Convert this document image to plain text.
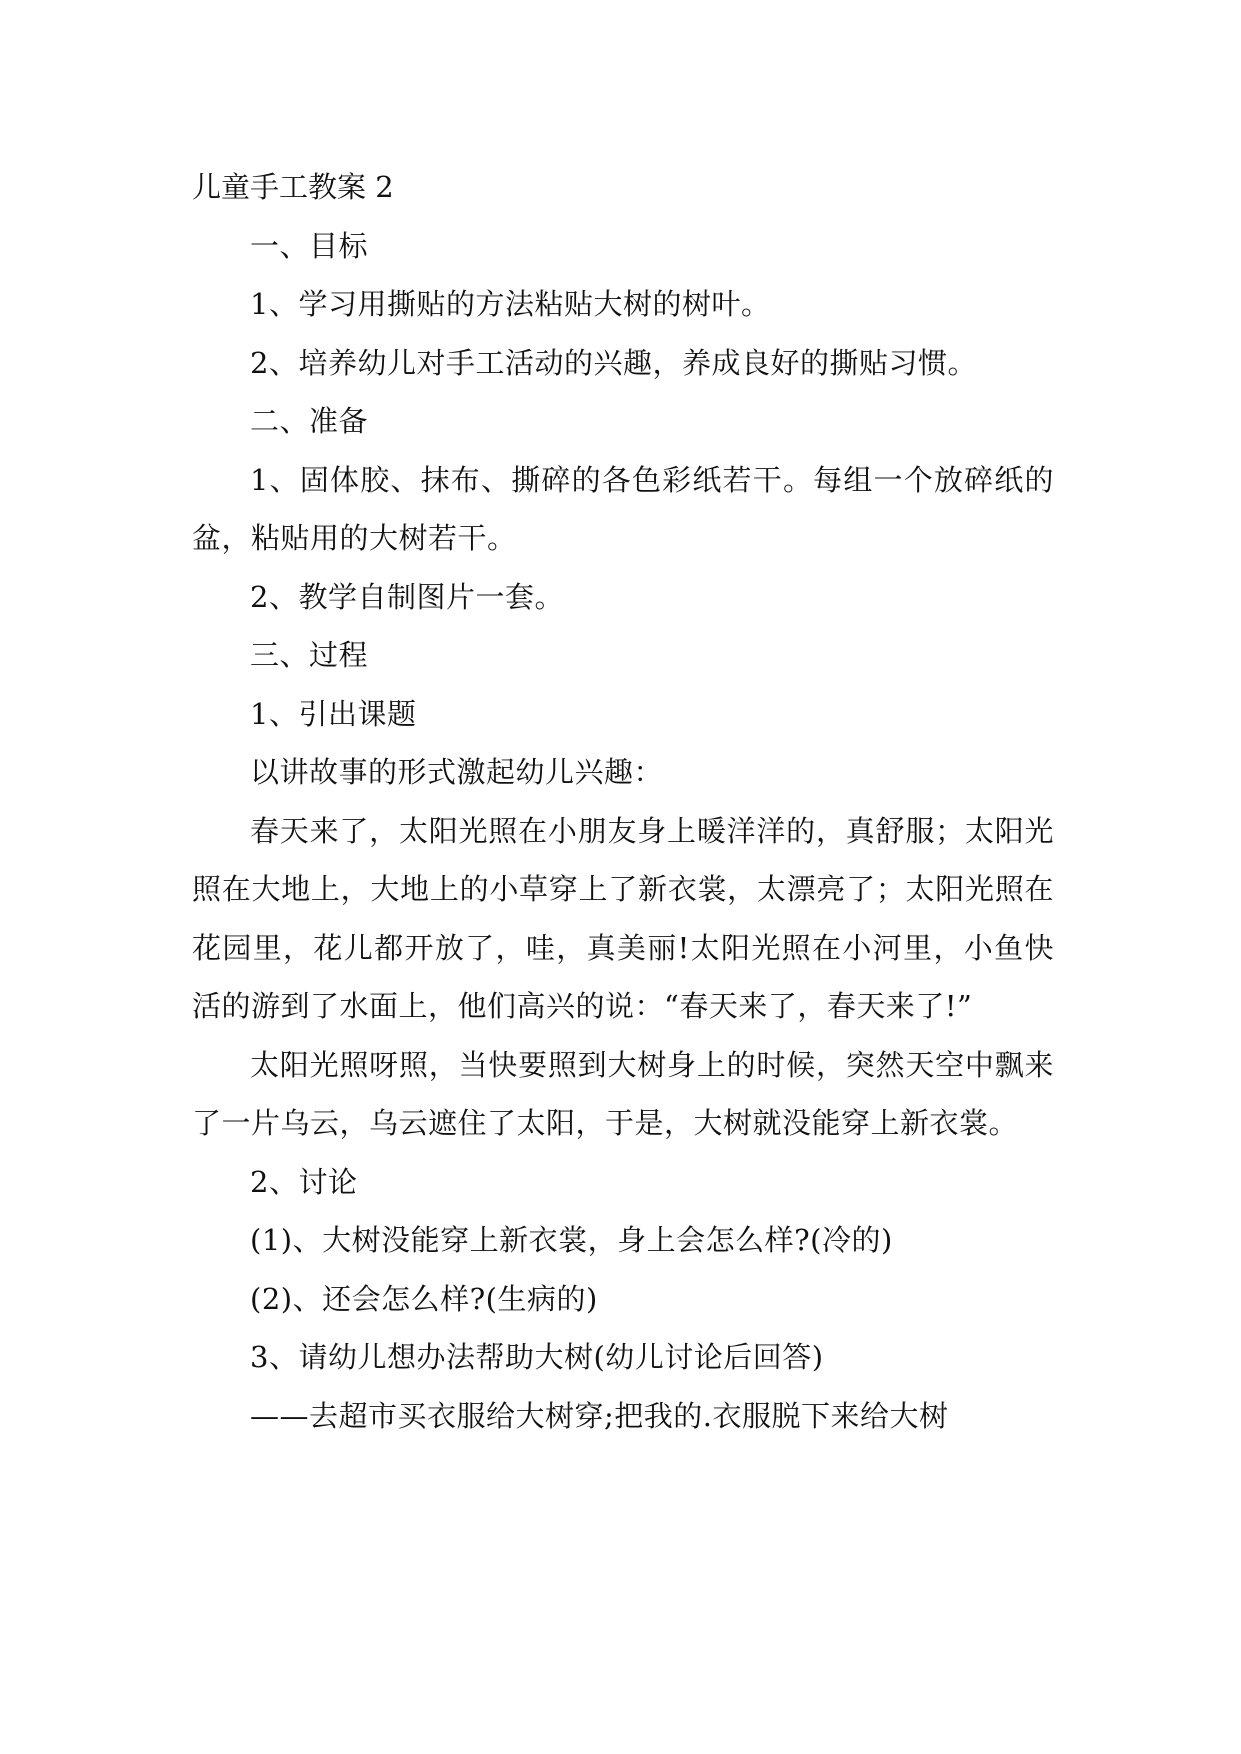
儿童手工教案 2

一、目标

1、学习用撕贴的方法粘贴大树的树叶。

2、培养幼儿对手工活动的兴趣，养成良好的撕贴习惯。

二、准备

1、固体胶、抹布、撕碎的各色彩纸若干。每组一个放碎纸的盆，粘贴用的大树若干。

2、教学自制图片一套。

三、过程

1、引出课题

以讲故事的形式激起幼儿兴趣：

春天来了，太阳光照在小朋友身上暖洋洋的，真舒服；太阳光照在大地上，大地上的小草穿上了新衣裳，太漂亮了；太阳光照在花园里，花儿都开放了，哇，真美丽!太阳光照在小河里，小鱼快活的游到了水面上，他们高兴的说：“春天来了，春天来了!”

太阳光照呀照，当快要照到大树身上的时候，突然天空中飘来了一片乌云，乌云遮住了太阳，于是，大树就没能穿上新衣裳。

2、讨论

(1)、大树没能穿上新衣裳，身上会怎么样?(冷的)

(2)、还会怎么样?(生病的)

3、请幼儿想办法帮助大树(幼儿讨论后回答)

——去超市买衣服给大树穿;把我的.衣服脱下来给大树
